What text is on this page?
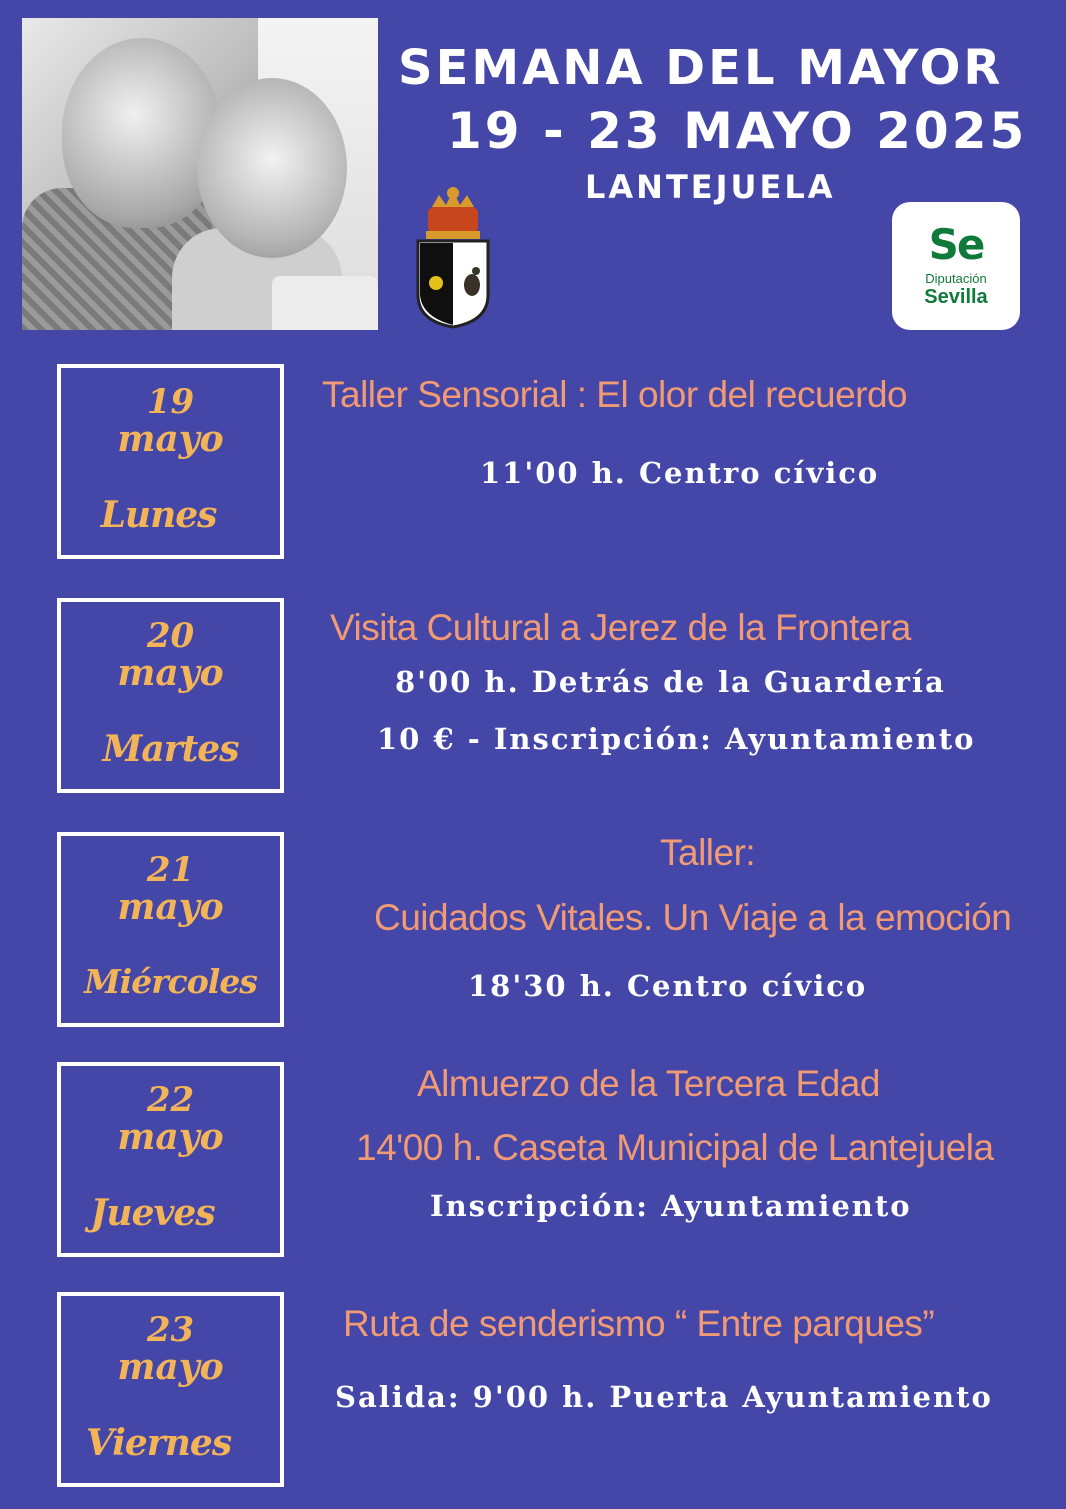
SEMANA DEL MAYOR
19 - 23 MAYO 2025
LANTEJUELA
Se
Diputación
Sevilla
19
mayo
Lunes
20
mayo
Martes
21
mayo
Miércoles
22
mayo
Jueves
23
mayo
Viernes
Taller Sensorial : El olor del recuerdo
11'00 h. Centro cívico
Visita Cultural a Jerez de la Frontera
8'00 h. Detrás de la Guardería
10 € - Inscripción: Ayuntamiento
Taller:
Cuidados Vitales. Un Viaje a la emoción
18'30 h. Centro cívico
Almuerzo de la Tercera Edad
14'00 h. Caseta Municipal de Lantejuela
Inscripción: Ayuntamiento
Ruta de senderismo “ Entre parques”
Salida: 9'00 h. Puerta Ayuntamiento
